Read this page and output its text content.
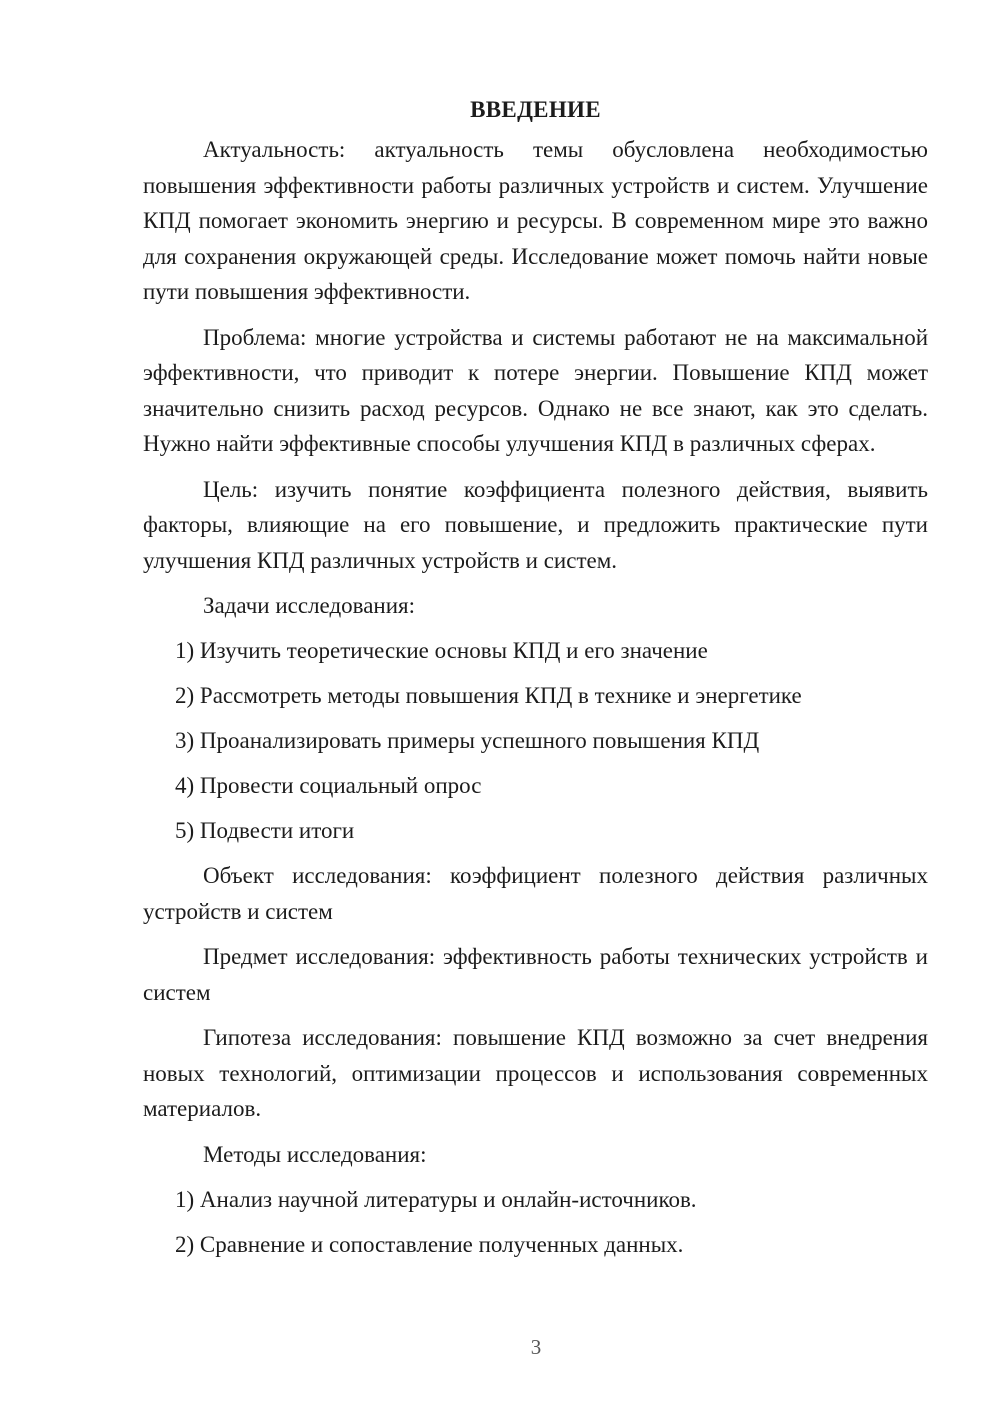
ВВЕДЕНИЕ

Актуальность: актуальность темы обусловлена необходимостью повышения эффективности работы различных устройств и систем. Улучшение КПД помогает экономить энергию и ресурсы. В современном мире это важно для сохранения окружающей среды. Исследование может помочь найти новые пути повышения эффективности.

Проблема: многие устройства и системы работают не на максимальной эффективности, что приводит к потере энергии. Повышение КПД может значительно снизить расход ресурсов. Однако не все знают, как это сделать. Нужно найти эффективные способы улучшения КПД в различных сферах.

Цель: изучить понятие коэффициента полезного действия, выявить факторы, влияющие на его повышение, и предложить практические пути улучшения КПД различных устройств и систем.

Задачи исследования:

1) Изучить теоретические основы КПД и его значение
2) Рассмотреть методы повышения КПД в технике и энергетике
3) Проанализировать примеры успешного повышения КПД
4) Провести социальный опрос
5) Подвести итоги

Объект исследования: коэффициент полезного действия различных устройств и систем

Предмет исследования: эффективность работы технических устройств и систем

Гипотеза исследования: повышение КПД возможно за счет внедрения новых технологий, оптимизации процессов и использования современных материалов.

Методы исследования:

1) Анализ научной литературы и онлайн-источников.
2) Сравнение и сопоставление полученных данных.
3
